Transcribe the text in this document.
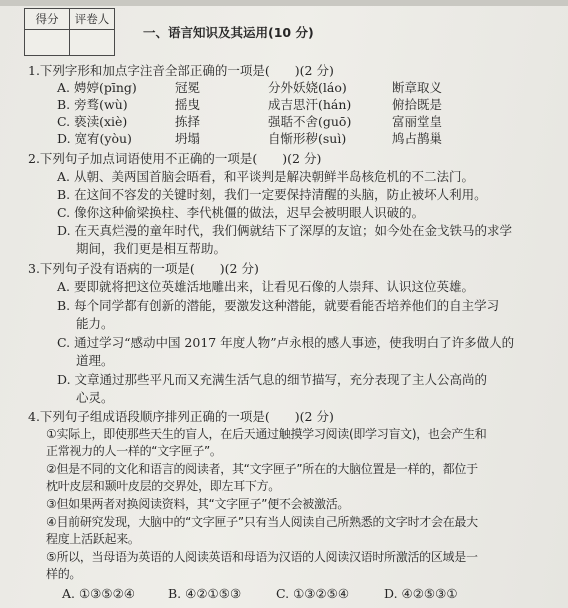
得分	评卷人

一、语言知识及其运用(10 分)
1.下列字形和加点字注音全部正确的一项是(　　)(2 分)
A. 娉婷(pīng)	冠冕	分外妖娆(láo)	断章取义
B. 旁骛(wù)	摇曳	成吉思汗(hán)	俯拾既是
C. 亵渎(xiè)	拣择	强聒不舍(guō)	富丽堂皇
D. 宽宥(yòu)	坍塌	自惭形秽(suì)	鸠占鹊巢
2.下列句子加点词语使用不正确的一项是(　　)(2 分)
A. 从朝、美两国首脑会晤看，和平谈判是解决朝鲜半岛核危机的不二法门。
B. 在这间不容发的关键时刻，我们一定要保持清醒的头脑，防止被坏人利用。
C. 像你这种偷梁换柱、李代桃僵的做法，迟早会被明眼人识破的。
D. 在天真烂漫的童年时代，我们俩就结下了深厚的友谊；如今处在金戈铁马的求学
期间，我们更是相互帮助。
3.下列句子没有语病的一项是(　　)(2 分)
A. 要即就将把这位英雄活地雕出来，让看见石像的人崇拜、认识这位英雄。
B. 每个同学都有创新的潜能，要激发这种潜能，就要看能否培养他们的自主学习
能力。
C. 通过学习“感动中国 2017 年度人物”卢永根的感人事迹，使我明白了许多做人的
道理。
D. 文章通过那些平凡而又充满生活气息的细节描写，充分表现了主人公高尚的
心灵。
4.下列句子组成语段顺序排列正确的一项是(　　)(2 分)
①实际上，即使那些天生的盲人，在后天通过触摸学习阅读(即学习盲文)，也会产生和
正常视力的人一样的“文字匣子”。
②但是不同的文化和语言的阅读者，其“文字匣子”所在的大脑位置是一样的，都位于
枕叶皮层和颞叶皮层的交界处，即左耳下方。
③但如果两者对换阅读资料，其“文字匣子”便不会被激活。
④目前研究发现，大脑中的“文字匣子”只有当人阅读自己所熟悉的文字时才会在最大
程度上活跃起来。
⑤所以，当母语为英语的人阅读英语和母语为汉语的人阅读汉语时所激活的区域是一
样的。
A. ①③⑤②④	B. ④②①⑤③	C. ①③②⑤④	D. ④②⑤③①
